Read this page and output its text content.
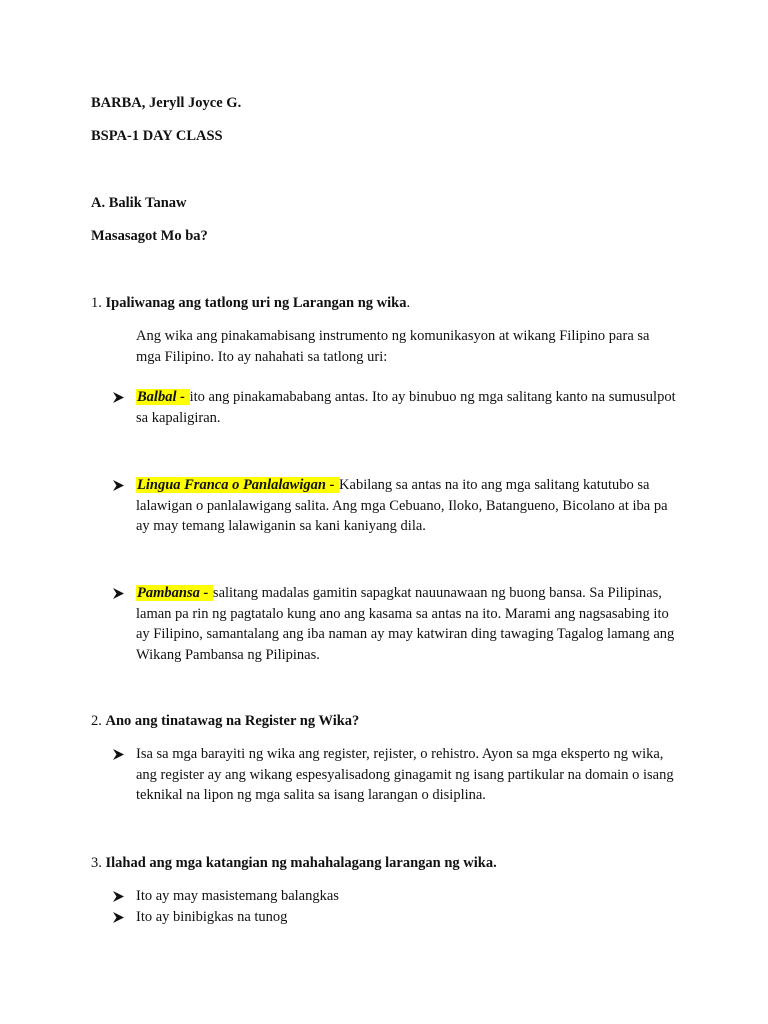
BARBA, Jeryll Joyce G.
BSPA-1 DAY CLASS
A. Balik Tanaw
Masasagot Mo ba?
1. Ipaliwanag ang tatlong uri ng Larangan ng wika.
Ang wika ang pinakamabisang instrumento ng komunikasyon at wikang Filipino para sa mga Filipino. Ito ay nahahati sa tatlong uri:
Balbal - ito ang pinakamababang antas. Ito ay binubuo ng mga salitang kanto na sumusulpot sa kapaligiran.
Lingua Franca o Panlalawigan - Kabilang sa antas na ito ang mga salitang katutubo sa lalawigan o panlalawigang salita. Ang mga Cebuano, Iloko, Batangueno, Bicolano at iba pa ay may temang lalawiganin sa kani kaniyang dila.
Pambansa - salitang madalas gamitin sapagkat nauunawaan ng buong bansa. Sa Pilipinas, laman pa rin ng pagtatalo kung ano ang kasama sa antas na ito. Marami ang nagsasabing ito ay Filipino, samantalang ang iba naman ay may katwiran ding tawaging Tagalog lamang ang Wikang Pambansa ng Pilipinas.
2. Ano ang tinatawag na Register ng Wika?
Isa sa mga barayiti ng wika ang register, rejister, o rehistro. Ayon sa mga eksperto ng wika, ang register ay ang wikang espesyalisadong ginagamit ng isang partikular na domain o isang teknikal na lipon ng mga salita sa isang larangan o disiplina.
3. Ilahad ang mga katangian ng mahahalagang larangan ng wika.
Ito ay may masistemang balangkas
Ito ay binibigkas na tunog
